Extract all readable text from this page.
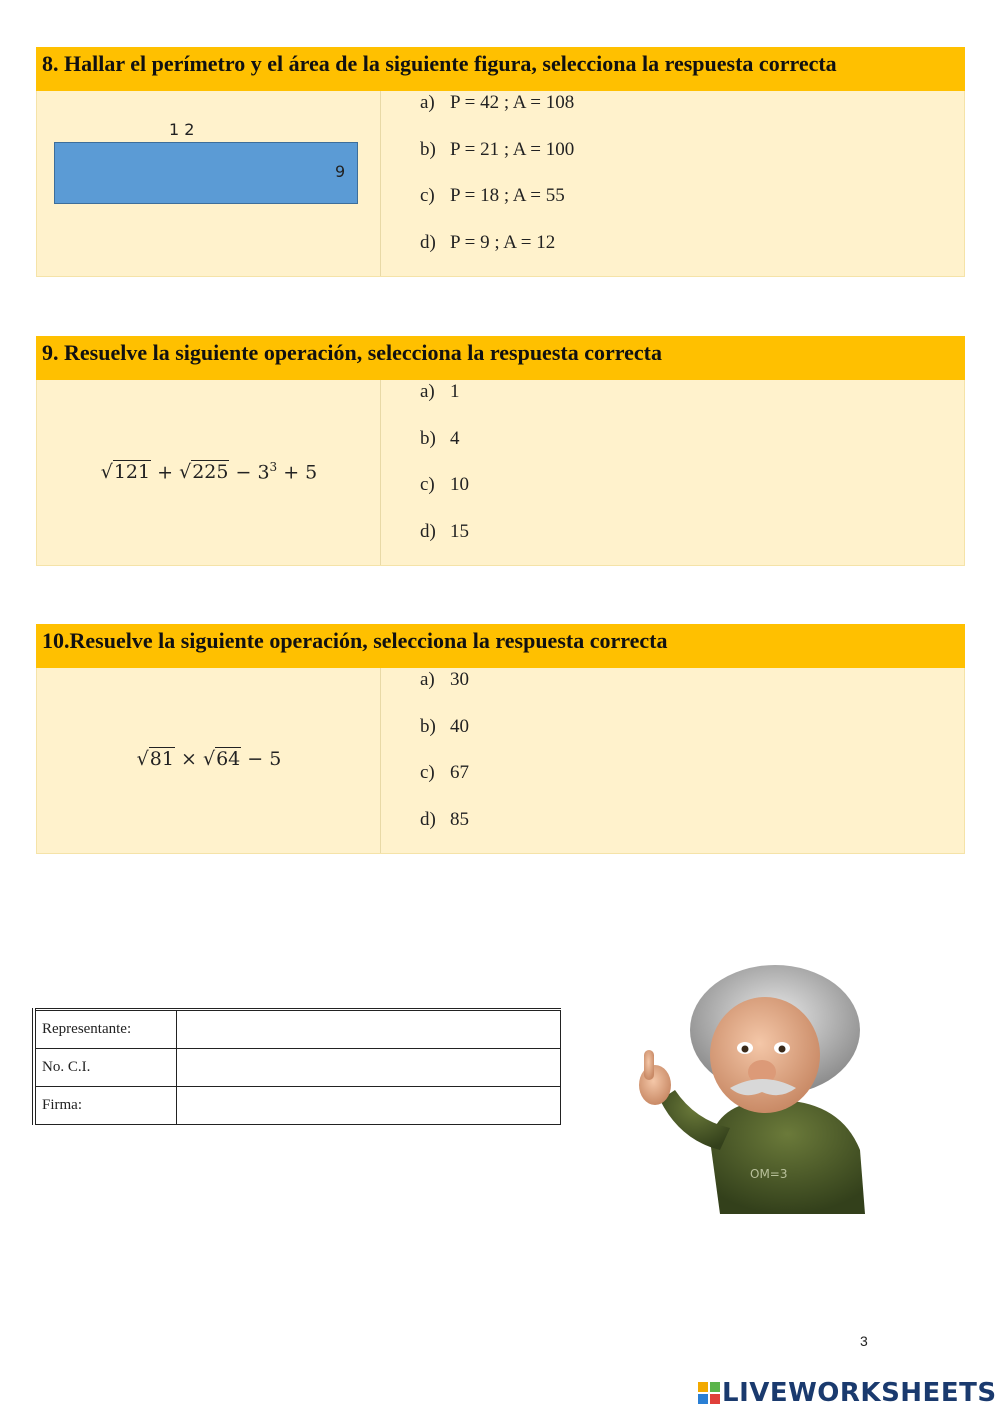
8. Hallar el perímetro y el área de la siguiente figura, selecciona la respuesta correcta
1 2
9
a) P = 42 ; A = 108
b) P = 21 ; A = 100
c) P = 18 ; A = 55
d) P = 9 ; A = 12
9. Resuelve la siguiente operación, selecciona la respuesta correcta
$√121 + √225 - 3^3 + 5$
a) 1
b) 4
c) 10
d) 15
10.Resuelve la siguiente operación, selecciona la respuesta correcta
√81 × √64 − 5
a) 30
b) 40
c) 67
d) 85
Representante:	
No. C.I.	
Firma:	
OM=3
3
LIVEWORKSHEETS
